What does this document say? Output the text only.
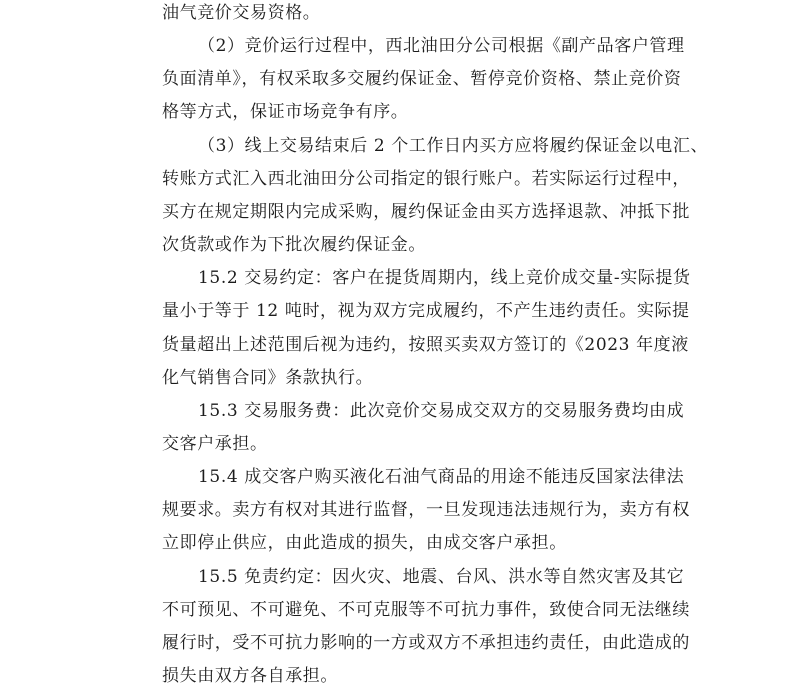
油气竞价交易资格。
（2）竞价运行过程中，西北油田分公司根据《副产品客户管理
负面清单》，有权采取多交履约保证金、暂停竞价资格、禁止竞价资
格等方式，保证市场竞争有序。
（3）线上交易结束后 2 个工作日内买方应将履约保证金以电汇、
转账方式汇入西北油田分公司指定的银行账户。若实际运行过程中，
买方在规定期限内完成采购，履约保证金由买方选择退款、冲抵下批
次货款或作为下批次履约保证金。
15.2 交易约定：客户在提货周期内，线上竞价成交量-实际提货
量小于等于 12 吨时，视为双方完成履约，不产生违约责任。实际提
货量超出上述范围后视为违约，按照买卖双方签订的《2023 年度液
化气销售合同》条款执行。
15.3 交易服务费：此次竞价交易成交双方的交易服务费均由成
交客户承担。
15.4 成交客户购买液化石油气商品的用途不能违反国家法律法
规要求。卖方有权对其进行监督，一旦发现违法违规行为，卖方有权
立即停止供应，由此造成的损失，由成交客户承担。
15.5 免责约定：因火灾、地震、台风、洪水等自然灾害及其它
不可预见、不可避免、不可克服等不可抗力事件，致使合同无法继续
履行时，受不可抗力影响的一方或双方不承担违约责任，由此造成的
损失由双方各自承担。
